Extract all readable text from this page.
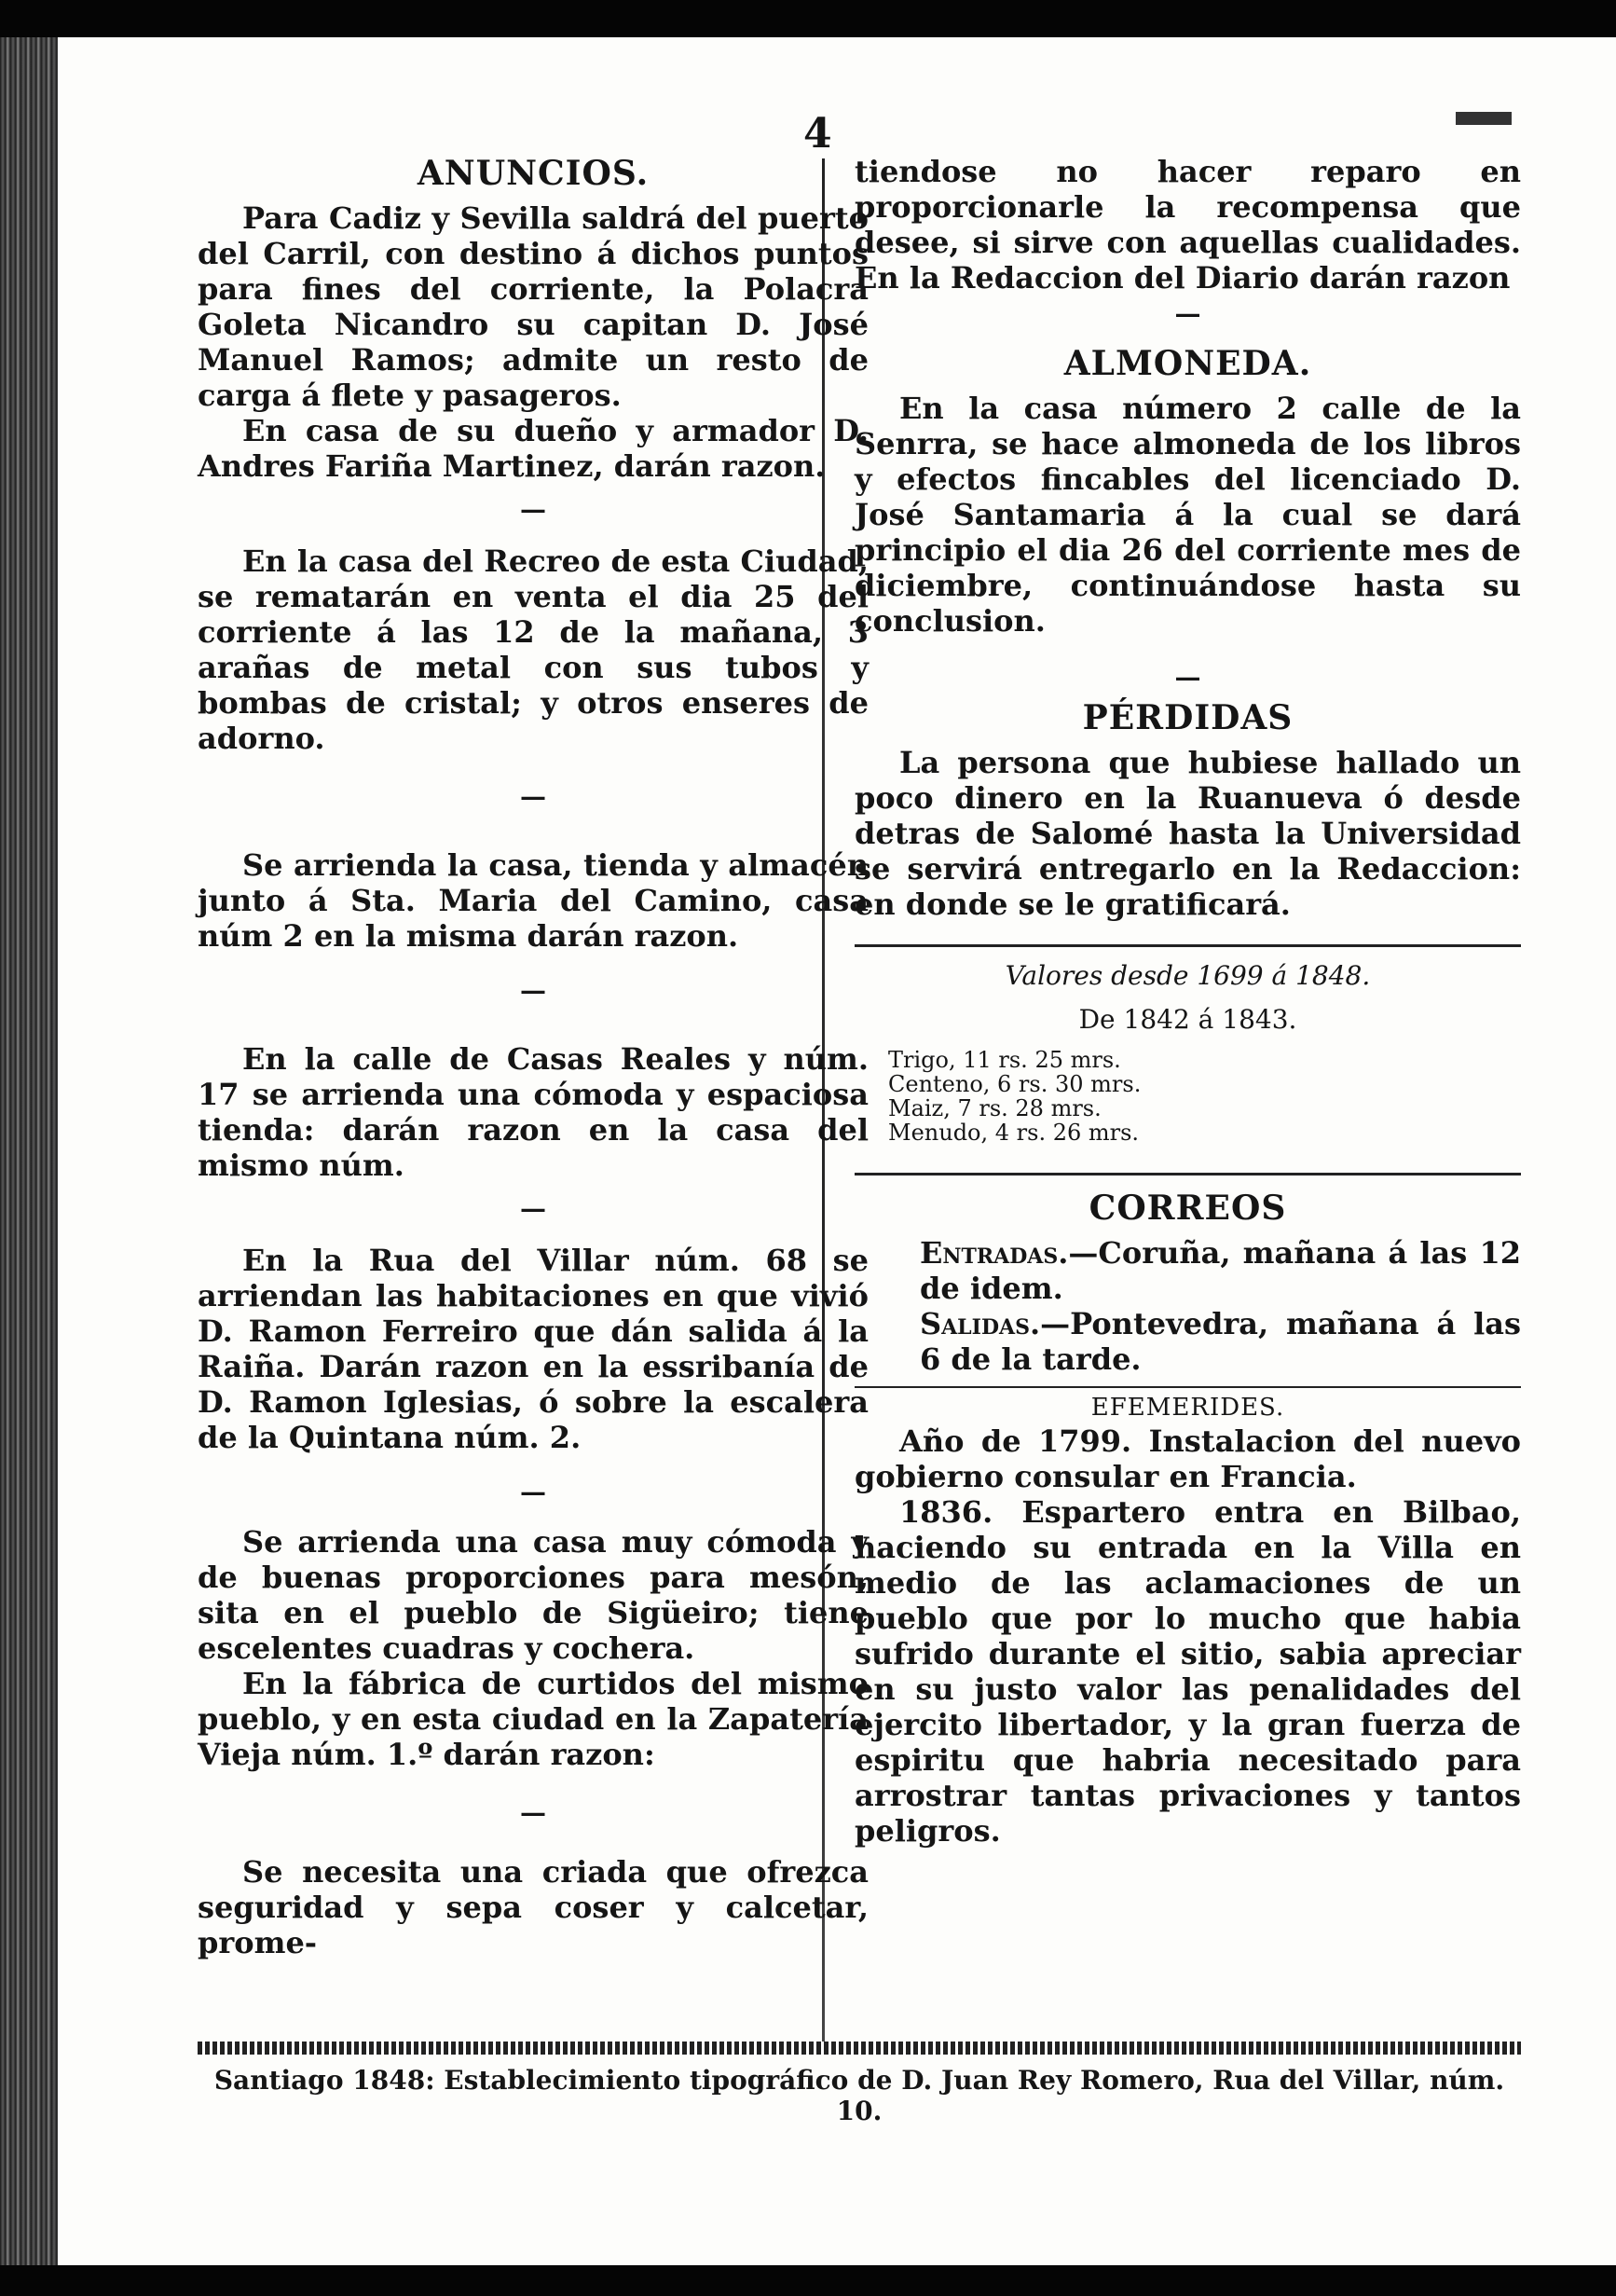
4
ANUNCIOS.

Para Cadiz y Sevilla saldrá del puerto del Carril, con destino á dichos puntos para fines del corriente, la Polacra Goleta Nicandro su capitan D. José Manuel Ramos; admite un resto de carga á flete y pasageros.

En casa de su dueño y armador D. Andres Fariña Martinez, darán razon.

—

En la casa del Recreo de esta Ciudad, se rematarán en venta el dia 25 del corriente á las 12 de la mañana, 3 arañas de metal con sus tubos y bombas de cristal; y otros enseres de adorno.

—

Se arrienda la casa, tienda y almacén junto á Sta. Maria del Camino, casa núm 2 en la misma darán razon.

—

En la calle de Casas Reales y núm. 17 se arrienda una cómoda y espaciosa tienda: darán razon en la casa del mismo núm.

—

En la Rua del Villar núm. 68 se arriendan las habitaciones en que vivió D. Ramon Ferreiro que dán salida á la Raiña. Darán razon en la essribanía de D. Ramon Iglesias, ó sobre la escalera de la Quintana núm. 2.

—

Se arrienda una casa muy cómoda y de buenas proporciones para mesón, sita en el pueblo de Sigüeiro; tiene escelentes cuadras y cochera.

En la fábrica de curtidos del mismo pueblo, y en esta ciudad en la Zapatería Vieja núm. 1.º darán razon:

—

Se necesita una criada que ofrezca seguridad y sepa coser y calcetar, prome-

tiendose no hacer reparo en proporcionarle la recompensa que desee, si sirve con aquellas cualidades. En la Redaccion del Diario darán razon

—
ALMONEDA.

En la casa número 2 calle de la Senrra, se hace almoneda de los libros y efectos fincables del licenciado D. José Santamaria á la cual se dará principio el dia 26 del corriente mes de diciembre, continuándose hasta su conclusion.

—
PÉRDIDAS

La persona que hubiese hallado un poco dinero en la Ruanueva ó desde detras de Salomé hasta la Universidad se servirá entregarlo en la Redaccion: en donde se le gratificará.

Valores desde 1699 á 1848.
De 1842 á 1843.
Trigo, 11 rs. 25 mrs.
Centeno, 6 rs. 30 mrs.
Maiz, 7 rs. 28 mrs.
Menudo, 4 rs. 26 mrs.
CORREOS

Entradas.—Coruña, mañana á las 12 de idem.

Salidas.—Pontevedra, mañana á las 6 de la tarde.

EFEMERIDES.

Año de 1799. Instalacion del nuevo gobierno consular en Francia.

1836. Espartero entra en Bilbao, haciendo su entrada en la Villa en medio de las aclamaciones de un pueblo que por lo mucho que habia sufrido durante el sitio, sabia apreciar en su justo valor las penalidades del ejercito libertador, y la gran fuerza de espiritu que habria necesitado para arrostrar tantas privaciones y tantos peligros.

Santiago 1848: Establecimiento tipográfico de D. Juan Rey Romero, Rua del Villar, núm. 10.
